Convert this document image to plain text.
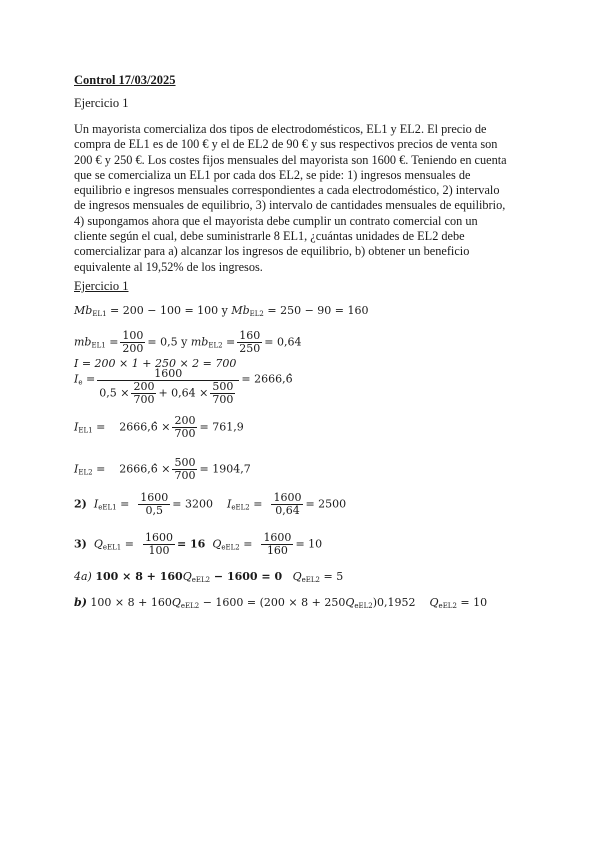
Control 17/03/2025
Ejercicio 1
Un mayorista comercializa dos tipos de electrodomésticos, EL1 y EL2. El precio de
compra de EL1 es de 100 € y el de EL2 de 90 € y sus respectivos precios de venta son
200 € y 250 €. Los costes fijos mensuales del mayorista son 1600 €. Teniendo en cuenta
que se comercializa un EL1 por cada dos EL2, se pide: 1) ingresos mensuales de
equilibrio e ingresos mensuales correspondientes a cada electrodoméstico, 2) intervalo
de ingresos mensuales de equilibrio, 3) intervalo de cantidades mensuales de equilibrio,
4) supongamos ahora que el mayorista debe cumplir un contrato comercial con un
cliente según el cual, debe suministrarle 8 EL1, ¿cuántas unidades de EL2 debe
comercializar para a) alcanzar los ingresos de equilibrio, b) obtener un beneficio
equivalente al 19,52% de los ingresos.
Ejercicio 1
$Mb_{EL1} = 200 - 100 = 100$ y $Mb_{EL2} = 250 - 90 = 160$
$mb_{EL1} = \frac{100}{200} = 0,5$ y $mb_{EL2} = \frac{160}{250} = 0,64$
I = 200 × 1 + 250 × 2 = 700
$I_e = \frac{1600}{0,5 \times \frac{200}{700} + 0,64 \times \frac{500}{700}}$ = 2666,6̂
$I_{EL1}$ =    2666,6̂ × $\frac{200}{700} = 761,9$
$I_{EL2}$ =    2666,6̂ × $\frac{500}{700} = 1904,7$
2) $I_{eEL1} = \frac{1600}{0,5} = 3200$ $I_{eEL2} = \frac{1600}{0,64} = 2500$
3) $Q_{eEL1} = \frac{1600}{100} = 16$ $Q_{eEL2} = \frac{1600}{160} = 10$
4a) $100 \times 8 + 160Q_{eEL2} - 1600 = 0$ $Q_{eEL2} = 5$
b) $100 \times 8 + 160Q_{eEL2} - 1600 = (200 \times 8 + 250Q_{eEL2})0,1952$ $Q_{eEL2} = 10$
